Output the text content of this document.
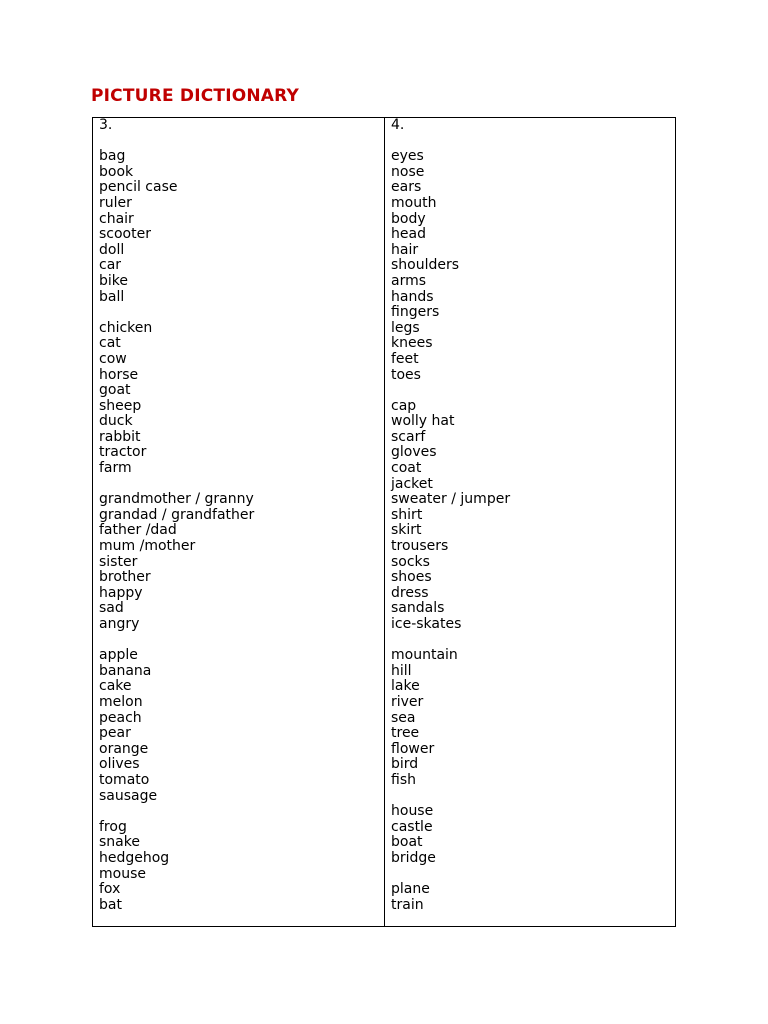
PICTURE DICTIONARY
3.
bag
book
pencil case
ruler
chair
scooter
doll
car
bike
ball
chicken
cat
cow
horse
goat
sheep
duck
rabbit
tractor
farm
grandmother / granny
grandad / grandfather
father /dad
mum /mother
sister
brother
happy
sad
angry
apple
banana
cake
melon
peach
pear
orange
olives
tomato
sausage
frog
snake
hedgehog
mouse
fox
bat
4.
eyes
nose
ears
mouth
body
head
hair
shoulders
arms
hands
fingers
legs
knees
feet
toes
cap
wolly hat
scarf
gloves
coat
jacket
sweater / jumper
shirt
skirt
trousers
socks
shoes
dress
sandals
ice-skates
mountain
hill
lake
river
sea
tree
flower
bird
fish
house
castle
boat
bridge
plane
train
